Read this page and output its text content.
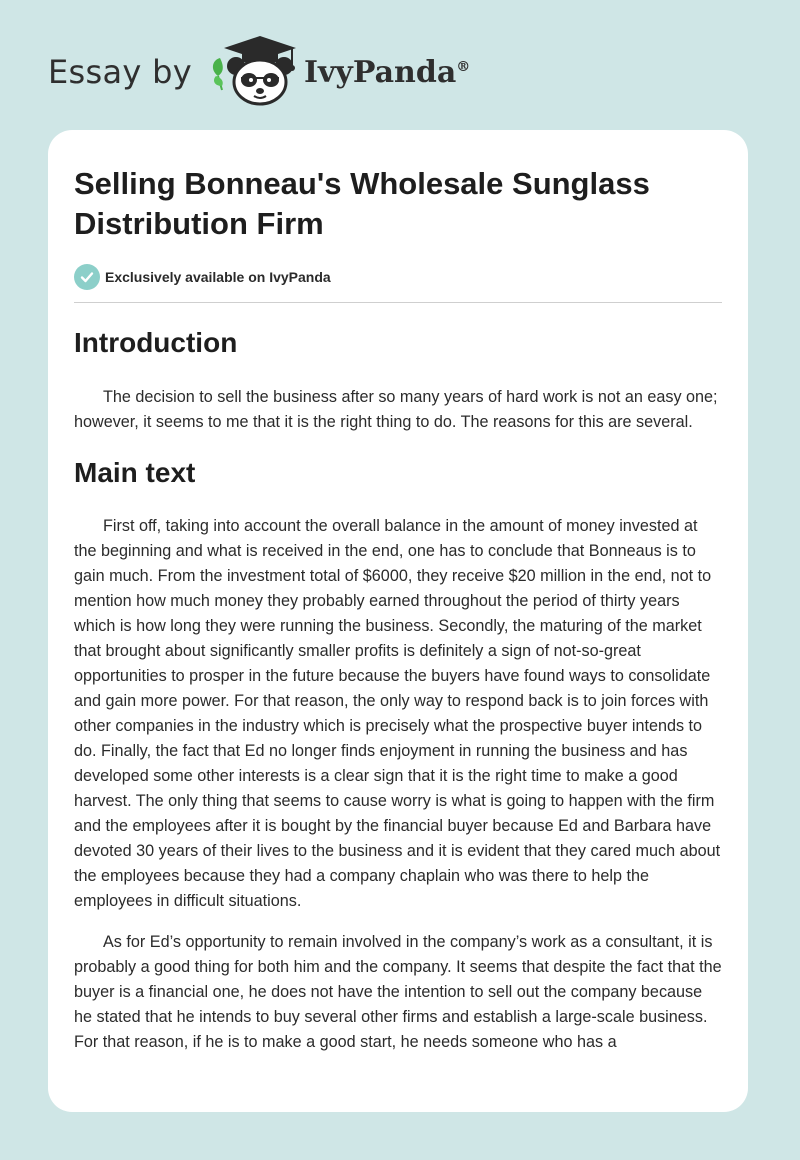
Essay by	IvyPanda®
Selling Bonneau's Wholesale Sunglass Distribution Firm
Exclusively available on IvyPanda
Introduction

The decision to sell the business after so many years of hard work is not an easy one; however, it seems to me that it is the right thing to do. The reasons for this are several.

Main text

First off, taking into account the overall balance in the amount of money invested at the beginning and what is received in the end, one has to conclude that Bonneaus is to gain much. From the investment total of $6000, they receive $20 million in the end, not to mention how much money they probably earned throughout the period of thirty years which is how long they were running the business. Secondly, the maturing of the market that brought about significantly smaller profits is definitely a sign of not-so-great opportunities to prosper in the future because the buyers have found ways to consolidate and gain more power. For that reason, the only way to respond back is to join forces with other companies in the industry which is precisely what the prospective buyer intends to do. Finally, the fact that Ed no longer finds enjoyment in running the business and has developed some other interests is a clear sign that it is the right time to make a good harvest. The only thing that seems to cause worry is what is going to happen with the firm and the employees after it is bought by the financial buyer because Ed and Barbara have devoted 30 years of their lives to the business and it is evident that they cared much about the employees because they had a company chaplain who was there to help the employees in difficult situations.

As for Ed’s opportunity to remain involved in the company’s work as a consultant, it is probably a good thing for both him and the company. It seems that despite the fact that the buyer is a financial one, he does not have the intention to sell out the company because he stated that he intends to buy several other firms and establish a large-scale business. For that reason, if he is to make a good start, he needs someone who has a
